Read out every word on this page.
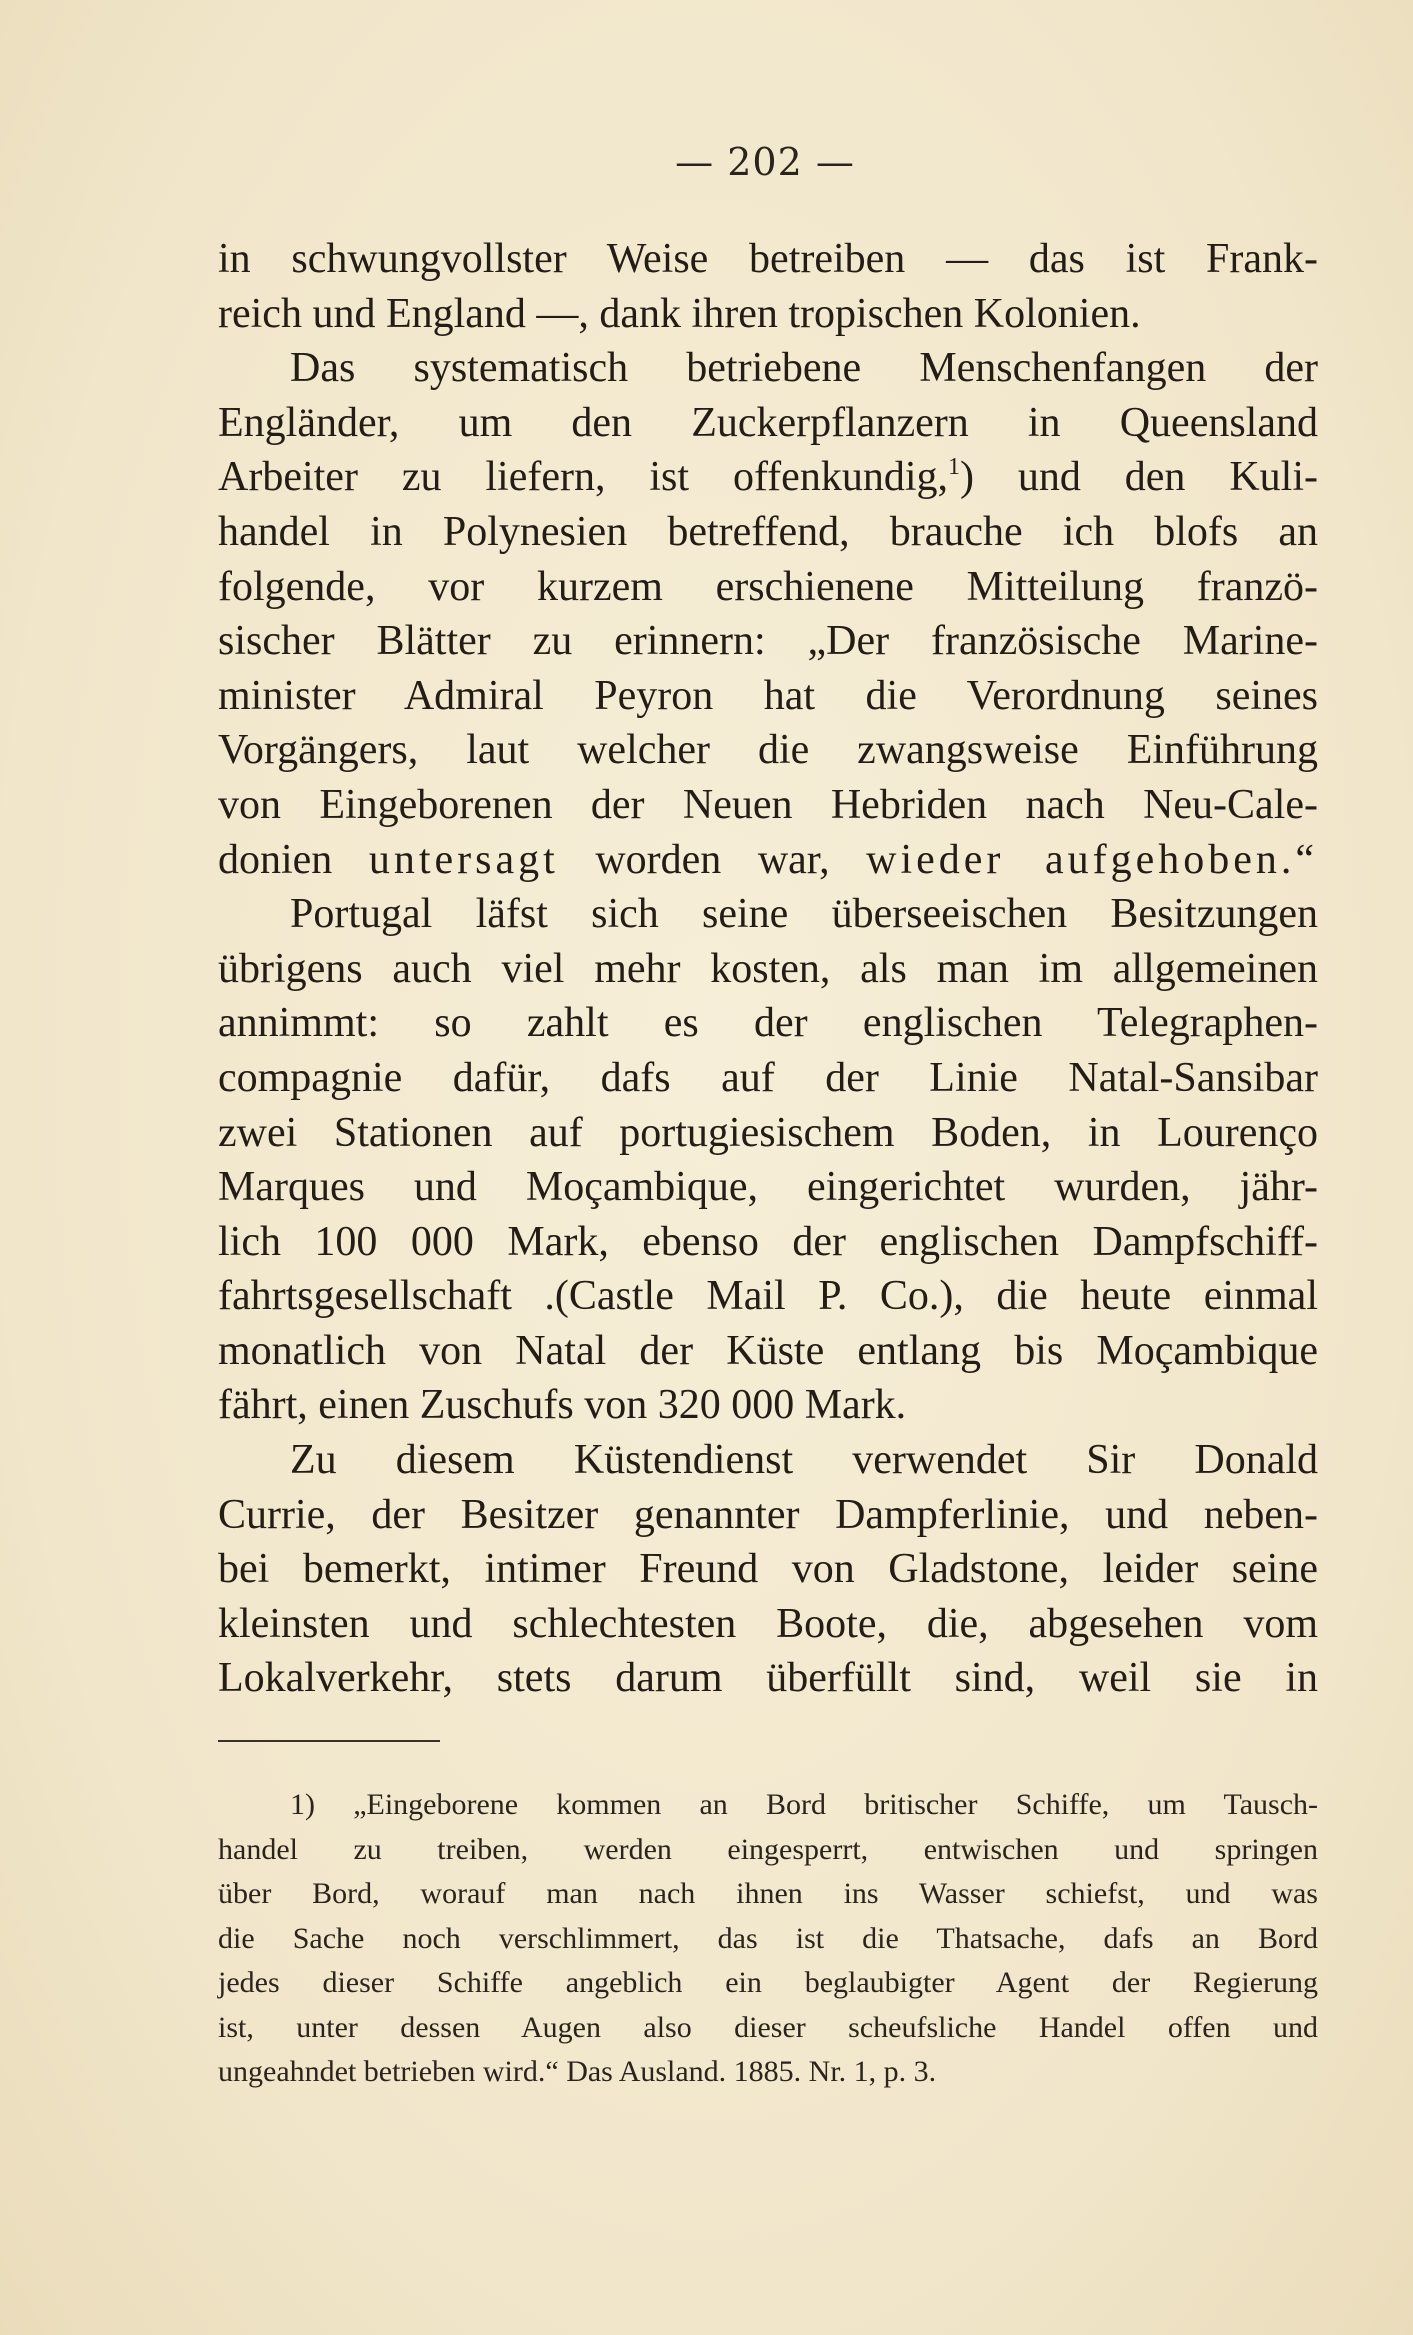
— 202 —
in schwungvollster Weise betreiben — das ist Frank-
reich und England —, dank ihren tropischen Kolonien.
Das systematisch betriebene Menschenfangen der
Engländer, um den Zuckerpflanzern in Queensland
Arbeiter zu liefern, ist offenkundig,$^1$) und den Kuli-
handel in Polynesien betreffend, brauche ich blofs an
folgende, vor kurzem erschienene Mitteilung franzö-
sischer Blätter zu erinnern: „Der französische Marine-
minister Admiral Peyron hat die Verordnung seines
Vorgängers, laut welcher die zwangsweise Einführung
von Eingeborenen der Neuen Hebriden nach Neu-Cale-
donien untersagt worden war, wieder aufgehoben.“
Portugal läfst sich seine überseeischen Besitzungen
übrigens auch viel mehr kosten, als man im allgemeinen
annimmt: so zahlt es der englischen Telegraphen-
compagnie dafür, dafs auf der Linie Natal-Sansibar
zwei Stationen auf portugiesischem Boden, in Lourenço
Marques und Moçambique, eingerichtet wurden, jähr-
lich 100 000 Mark, ebenso der englischen Dampfschiff-
fahrtsgesellschaft .(Castle Mail P. Co.), die heute einmal
monatlich von Natal der Küste entlang bis Moçambique
fährt, einen Zuschufs von 320 000 Mark.
Zu diesem Küstendienst verwendet Sir Donald
Currie, der Besitzer genannter Dampferlinie, und neben-
bei bemerkt, intimer Freund von Gladstone, leider seine
kleinsten und schlechtesten Boote, die, abgesehen vom
Lokalverkehr, stets darum überfüllt sind, weil sie in
1) „Eingeborene kommen an Bord britischer Schiffe, um Tausch-
handel zu treiben, werden eingesperrt, entwischen und springen
über Bord, worauf man nach ihnen ins Wasser schiefst, und was
die Sache noch verschlimmert, das ist die Thatsache, dafs an Bord
jedes dieser Schiffe angeblich ein beglaubigter Agent der Regierung
ist, unter dessen Augen also dieser scheufsliche Handel offen und
ungeahndet betrieben wird.“ Das Ausland. 1885. Nr. 1, p. 3.
